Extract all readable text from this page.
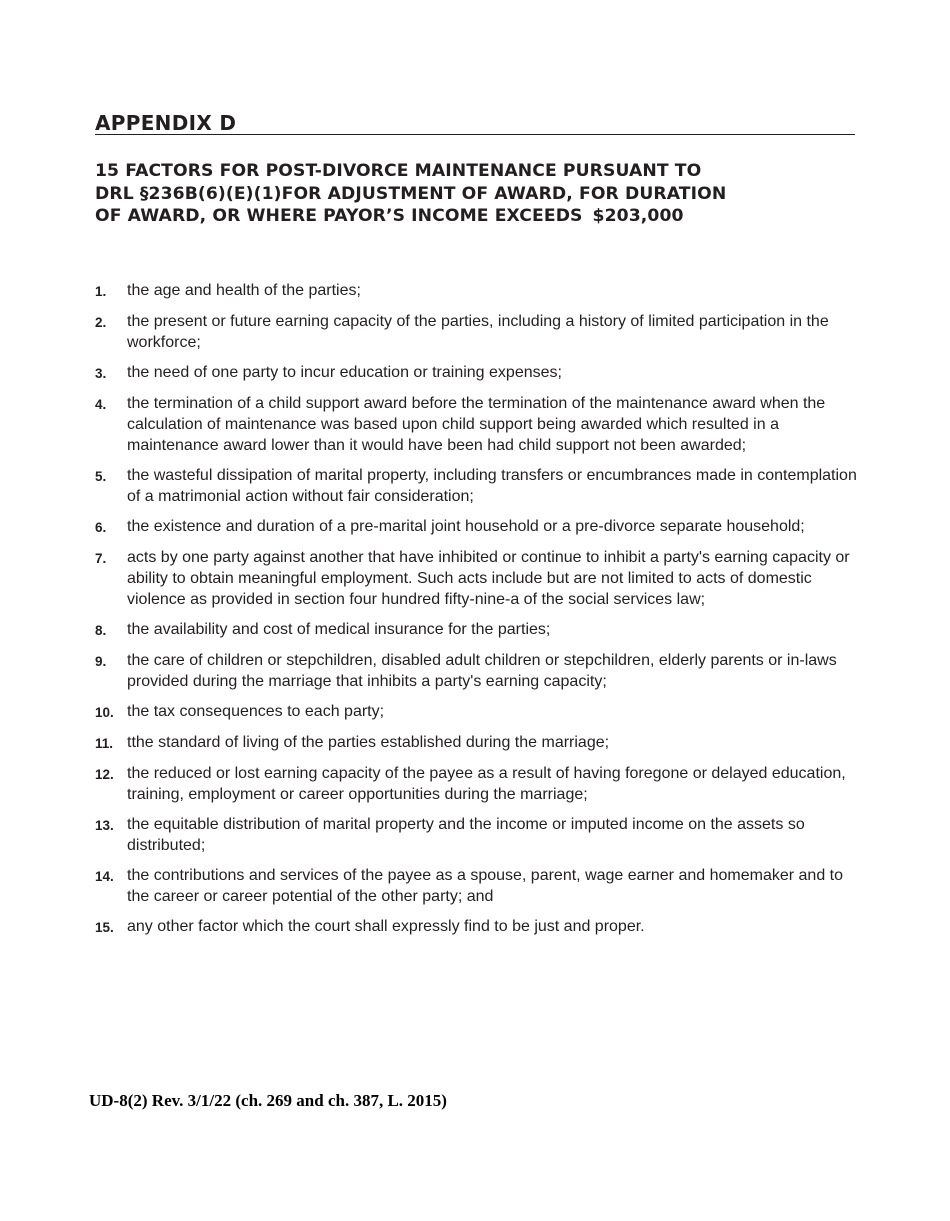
APPENDIX D
15 FACTORS FOR POST-DIVORCE MAINTENANCE PURSUANT TO
DRL §236B(6)(E)(1)FOR ADJUSTMENT OF AWARD, FOR DURATION
OF AWARD, OR WHERE PAYOR’S INCOME EXCEEDS $203,000
1.	the age and health of the parties;
2.	the present or future earning capacity of the parties, including a history of limited participation in the workforce;
3.	the need of one party to incur education or training expenses;
4.	the termination of a child support award before the termination of the maintenance award when the calculation of maintenance was based upon child support being awarded which resulted in a maintenance award lower than it would have been had child support not been awarded;
5.	the wasteful dissipation of marital property, including transfers or encumbrances made in contemplation of a matrimonial action without fair consideration;
6.	the existence and duration of a pre-marital joint household or a pre-divorce separate household;
7.	acts by one party against another that have inhibited or continue to inhibit a party's earning capacity or ability to obtain meaningful employment. Such acts include but are not limited to acts of domestic violence as provided in section four hundred fifty-nine-a of the social services law;
8.	the availability and cost of medical insurance for the parties;
9.	the care of children or stepchildren, disabled adult children or stepchildren, elderly parents or in-laws provided during the marriage that inhibits a party's earning capacity;
10. the tax consequences to each party;
11. tthe standard of living of the parties established during the marriage;
12. the reduced or lost earning capacity of the payee as a result of having foregone or delayed education, training, employment or career opportunities during the marriage;
13. the equitable distribution of marital property and the income or imputed income on the assets so distributed;
14. the contributions and services of the payee as a spouse, parent, wage earner and homemaker and to the career or career potential of the other party; and
15. any other factor which the court shall expressly find to be just and proper.
UD-8(2) Rev. 3/1/22 (ch. 269 and ch. 387, L. 2015)
